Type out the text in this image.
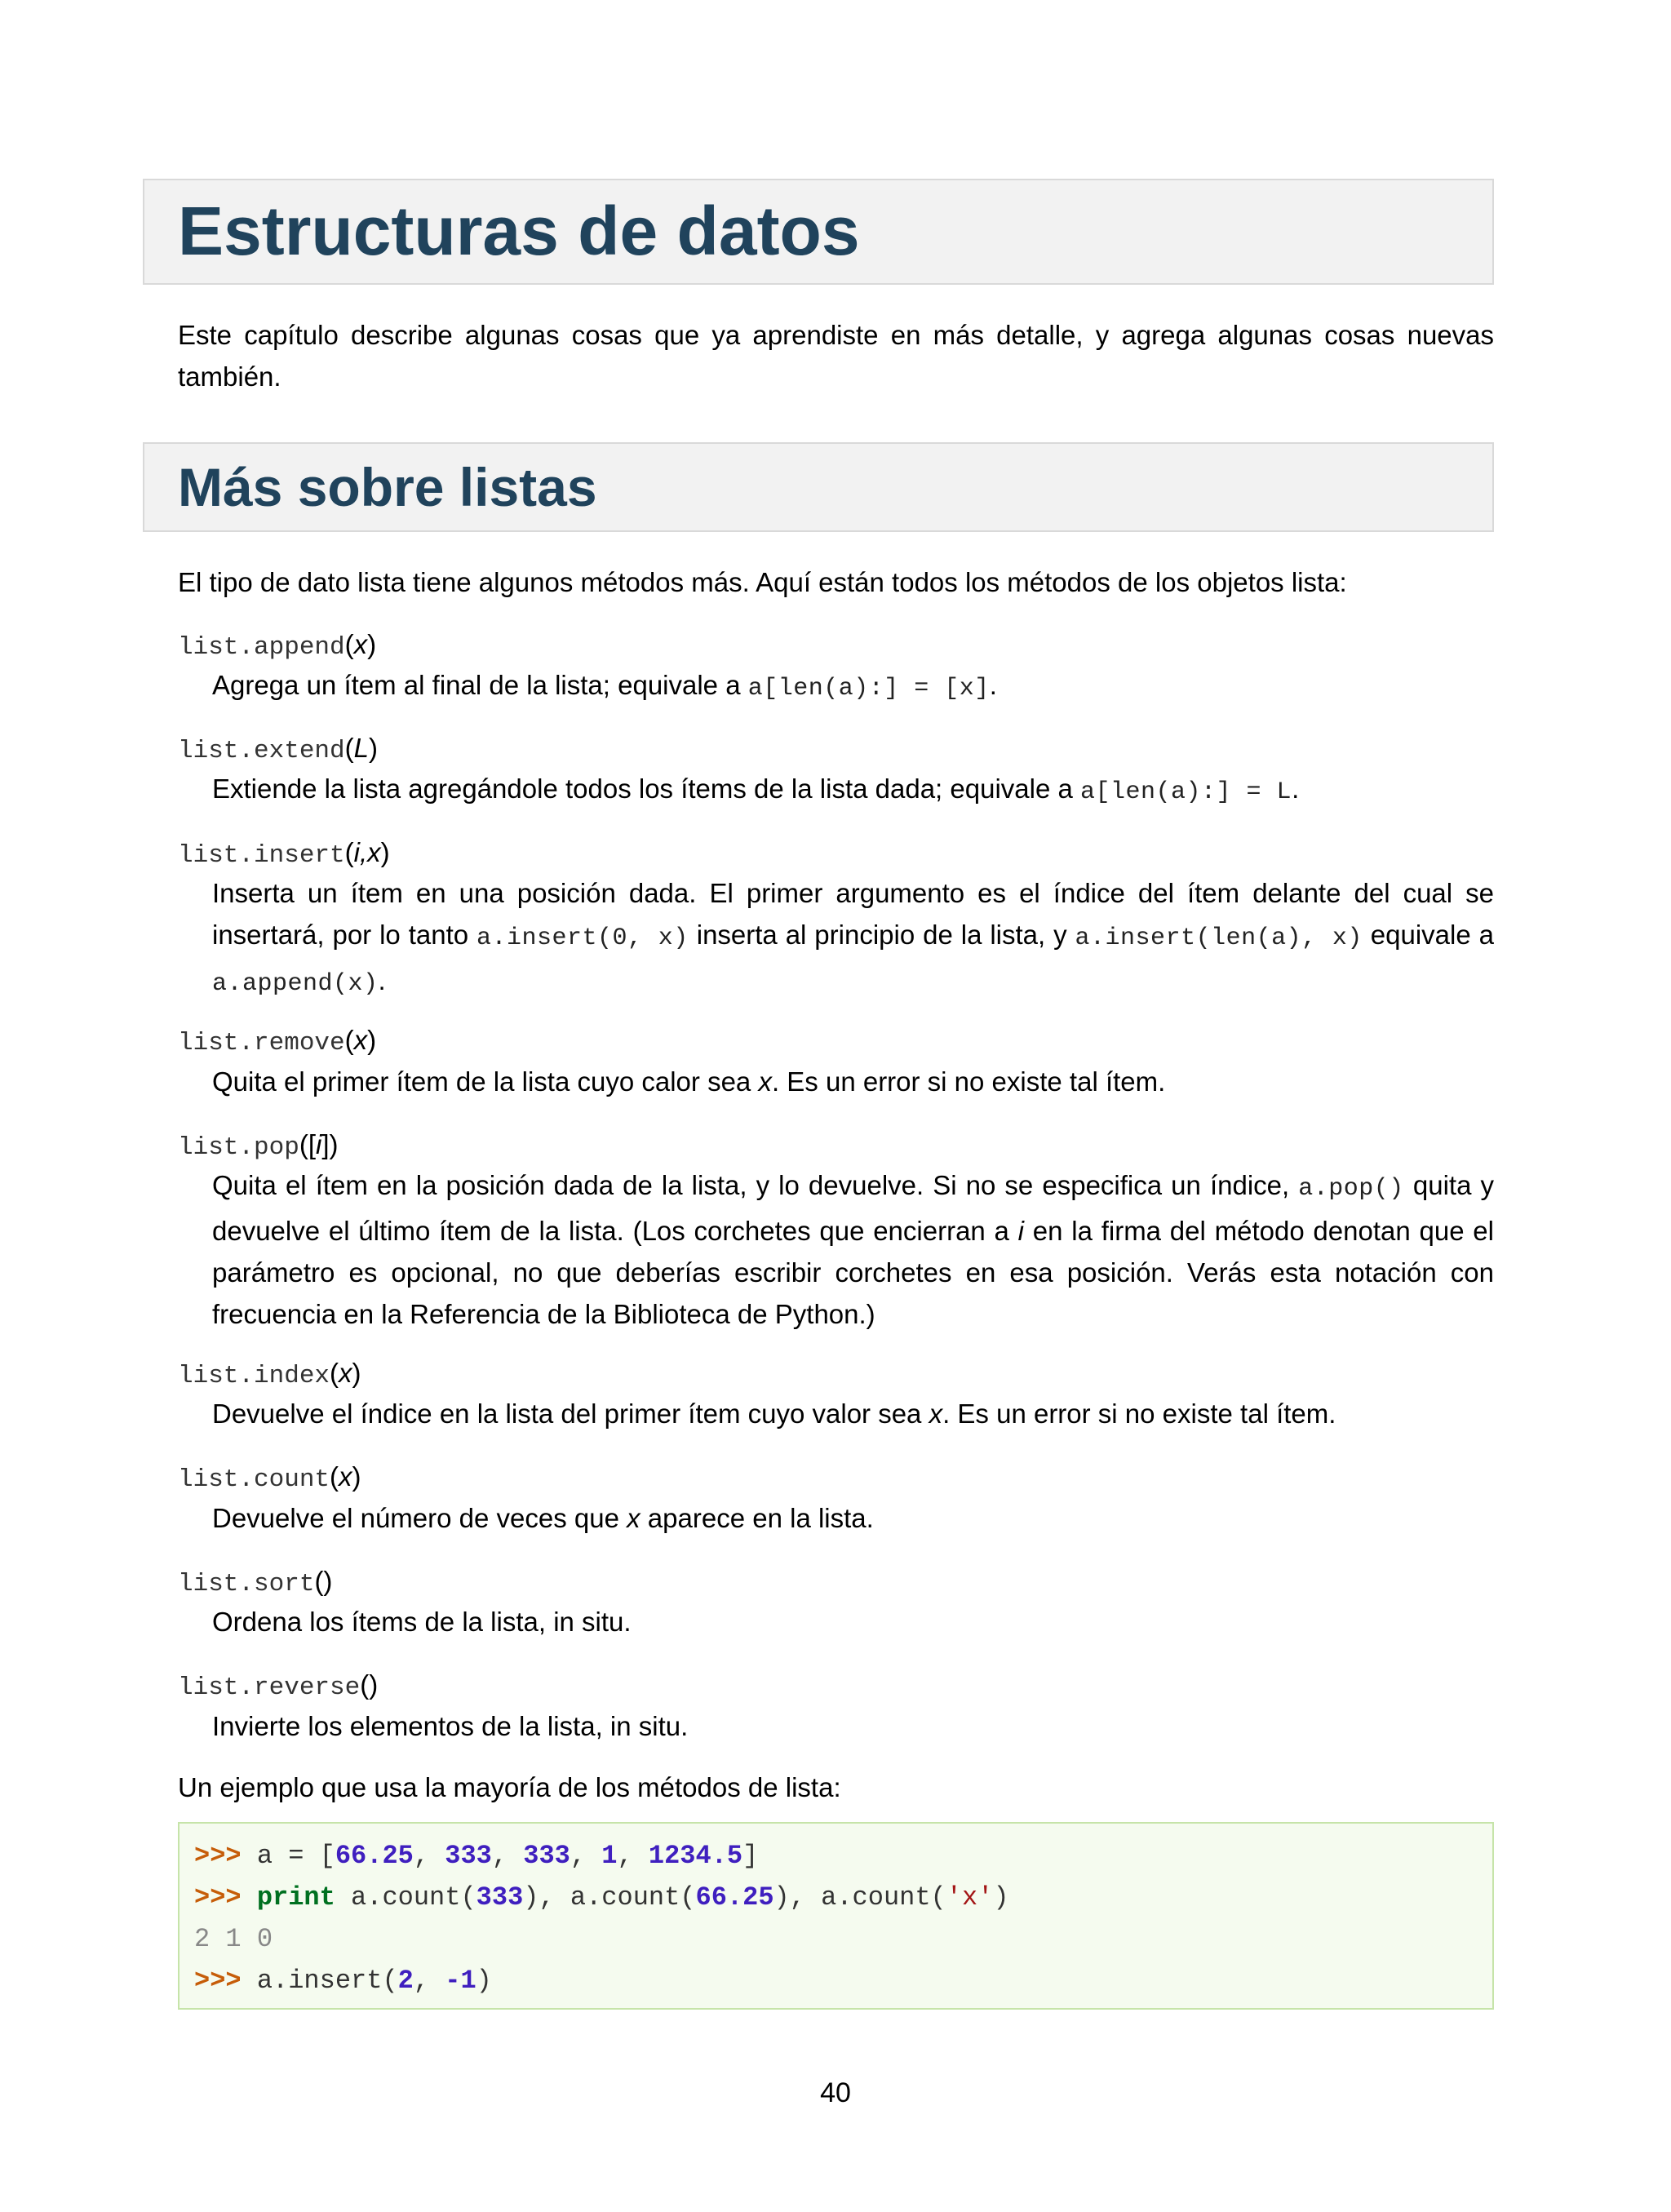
Estructuras de datos

Este capítulo describe algunas cosas que ya aprendiste en más detalle, y agrega algunas cosas nuevas también.

Más sobre listas

El tipo de dato lista tiene algunos métodos más. Aquí están todos los métodos de los objetos lista:

list.append(x)

Agrega un ítem al final de la lista; equivale a a[len(a):] = [x].

list.extend(L)

Extiende la lista agregándole todos los ítems de la lista dada; equivale a a[len(a):] = L.

list.insert(i,x)

Inserta un ítem en una posición dada. El primer argumento es el índice del ítem delante del cual se insertará, por lo tanto a.insert(0, x) inserta al principio de la lista, y a.insert(len(a), x) equivale a a.append(x).

list.remove(x)

Quita el primer ítem de la lista cuyo calor sea x. Es un error si no existe tal ítem.

list.pop([i])

Quita el ítem en la posición dada de la lista, y lo devuelve. Si no se especifica un índice, a.pop() quita y devuelve el último ítem de la lista. (Los corchetes que encierran a i en la firma del método denotan que el parámetro es opcional, no que deberías escribir corchetes en esa posición. Verás esta notación con frecuencia en la Referencia de la Biblioteca de Python.)

list.index(x)

Devuelve el índice en la lista del primer ítem cuyo valor sea x. Es un error si no existe tal ítem.

list.count(x)

Devuelve el número de veces que x aparece en la lista.

list.sort()

Ordena los ítems de la lista, in situ.

list.reverse()

Invierte los elementos de la lista, in situ.

Un ejemplo que usa la mayoría de los métodos de lista:

>>> a = [66.25, 333, 333, 1, 1234.5]
>>> print a.count(333), a.count(66.25), a.count('x')
2 1 0
>>> a.insert(2, -1)
40
